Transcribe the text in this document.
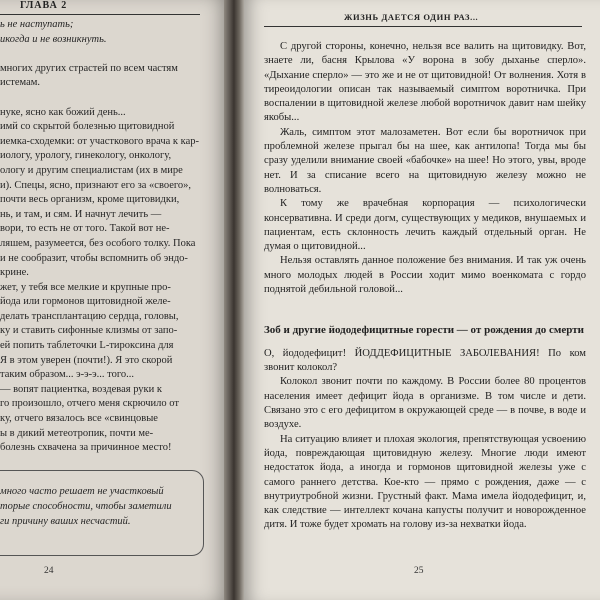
ГЛАВА 2
ь не наступать;
икогда и не возникнуть.
многих других страстей по всем частям
истемам.
нуке, ясно как божий день...
имй со скрытой болезнью щитовидной
иемка-сходемки: от участкового врача к кар-
иологу, урологу, гинекологу, онкологу,
ологу и другим специалистам (их в мире
и). Спецы, ясно, признают его за «своего»,
почти весь организм, кроме щитовидки,
нь, и там, и сям. И начнут лечить —
вори, то есть не от того. Такой вот не-
ляшем, разумеется, без особого толку. Пока
и не сообразит, чтобы вспомнить об эндо-
крине.
жет, у тебя все мелкие и крупные про-
йода или гормонов щитовидной желе-
делать трансплантацию сердца, головы,
ку и ставить сифонные клизмы от запо-
ей попить таблеточки L-тироксина для
Я в этом уверен (почти!). Я это скорой
таким образом... э-э-э... того...
— вопят пациентка, воздевая руки к
го произошло, отчего меня скрючило от
ку, отчего вязалось все «свинцовые
ы в дикий метеотропик, почти ме-
болезнь схвачена за причинное место!
много часто решает не участковый
торые способности, чтобы заметили
ги причину ваших несчастий.
24
ЖИЗНЬ ДАЕТСЯ ОДИН РАЗ...

С другой стороны, конечно, нельзя все валить на щитовидку. Вот, знаете ли, басня Крылова «У ворона в зобу дыханье сперло». «Дыхание сперло» — это же и не от щитовидной! От волнения. Хотя в тиреоидологии описан так называемый симптом воротничка. При воспалении в щитовидной железе любой воротничок давит нам шейку якобы...

Жаль, симптом этот малозаметен. Вот если бы воротничок при проблемной железе прыгал бы на шее, как антилопа! Тогда мы бы сразу уделили внимание своей «бабочке» на шее! Но этого, увы, вроде нет. И за списание всего на щитовидную железу можно не волноваться.

К тому же врачебная корпорация — психологически консервативна. И среди догм, существующих у медиков, внушаемых и пациентам, есть склонность лечить каждый отдельный орган. Не думая о щитовидной...

Нельзя оставлять данное положение без внимания. И так уж очень много молодых людей в России ходит мимо военкомата с гордо поднятой дебильной головой...

Зоб и другие йододефицитные горести — от рождения до смерти

О, йододефицит! ЙОДДЕФИЦИТНЫЕ ЗАБОЛЕВАНИЯ! По ком звонит колокол?

Колокол звонит почти по каждому. В России более 80 процентов населения имеет дефицит йода в организме. В том числе и дети. Связано это с его дефицитом в окружающей среде — в почве, в воде и воздухе.

На ситуацию влияет и плохая экология, препятствующая усвоению йода, повреждающая щитовидную железу. Многие люди имеют недостаток йода, а иногда и гормонов щитовидной железы уже с самого раннего детства. Кое-кто — прямо с рождения, даже — с внутриутробной жизни. Грустный факт. Мама имела йододефицит, и, как следствие — интеллект кочана капусты получит и новорожденное дитя. И тоже будет хромать на голову из-за нехватки йода.

25
